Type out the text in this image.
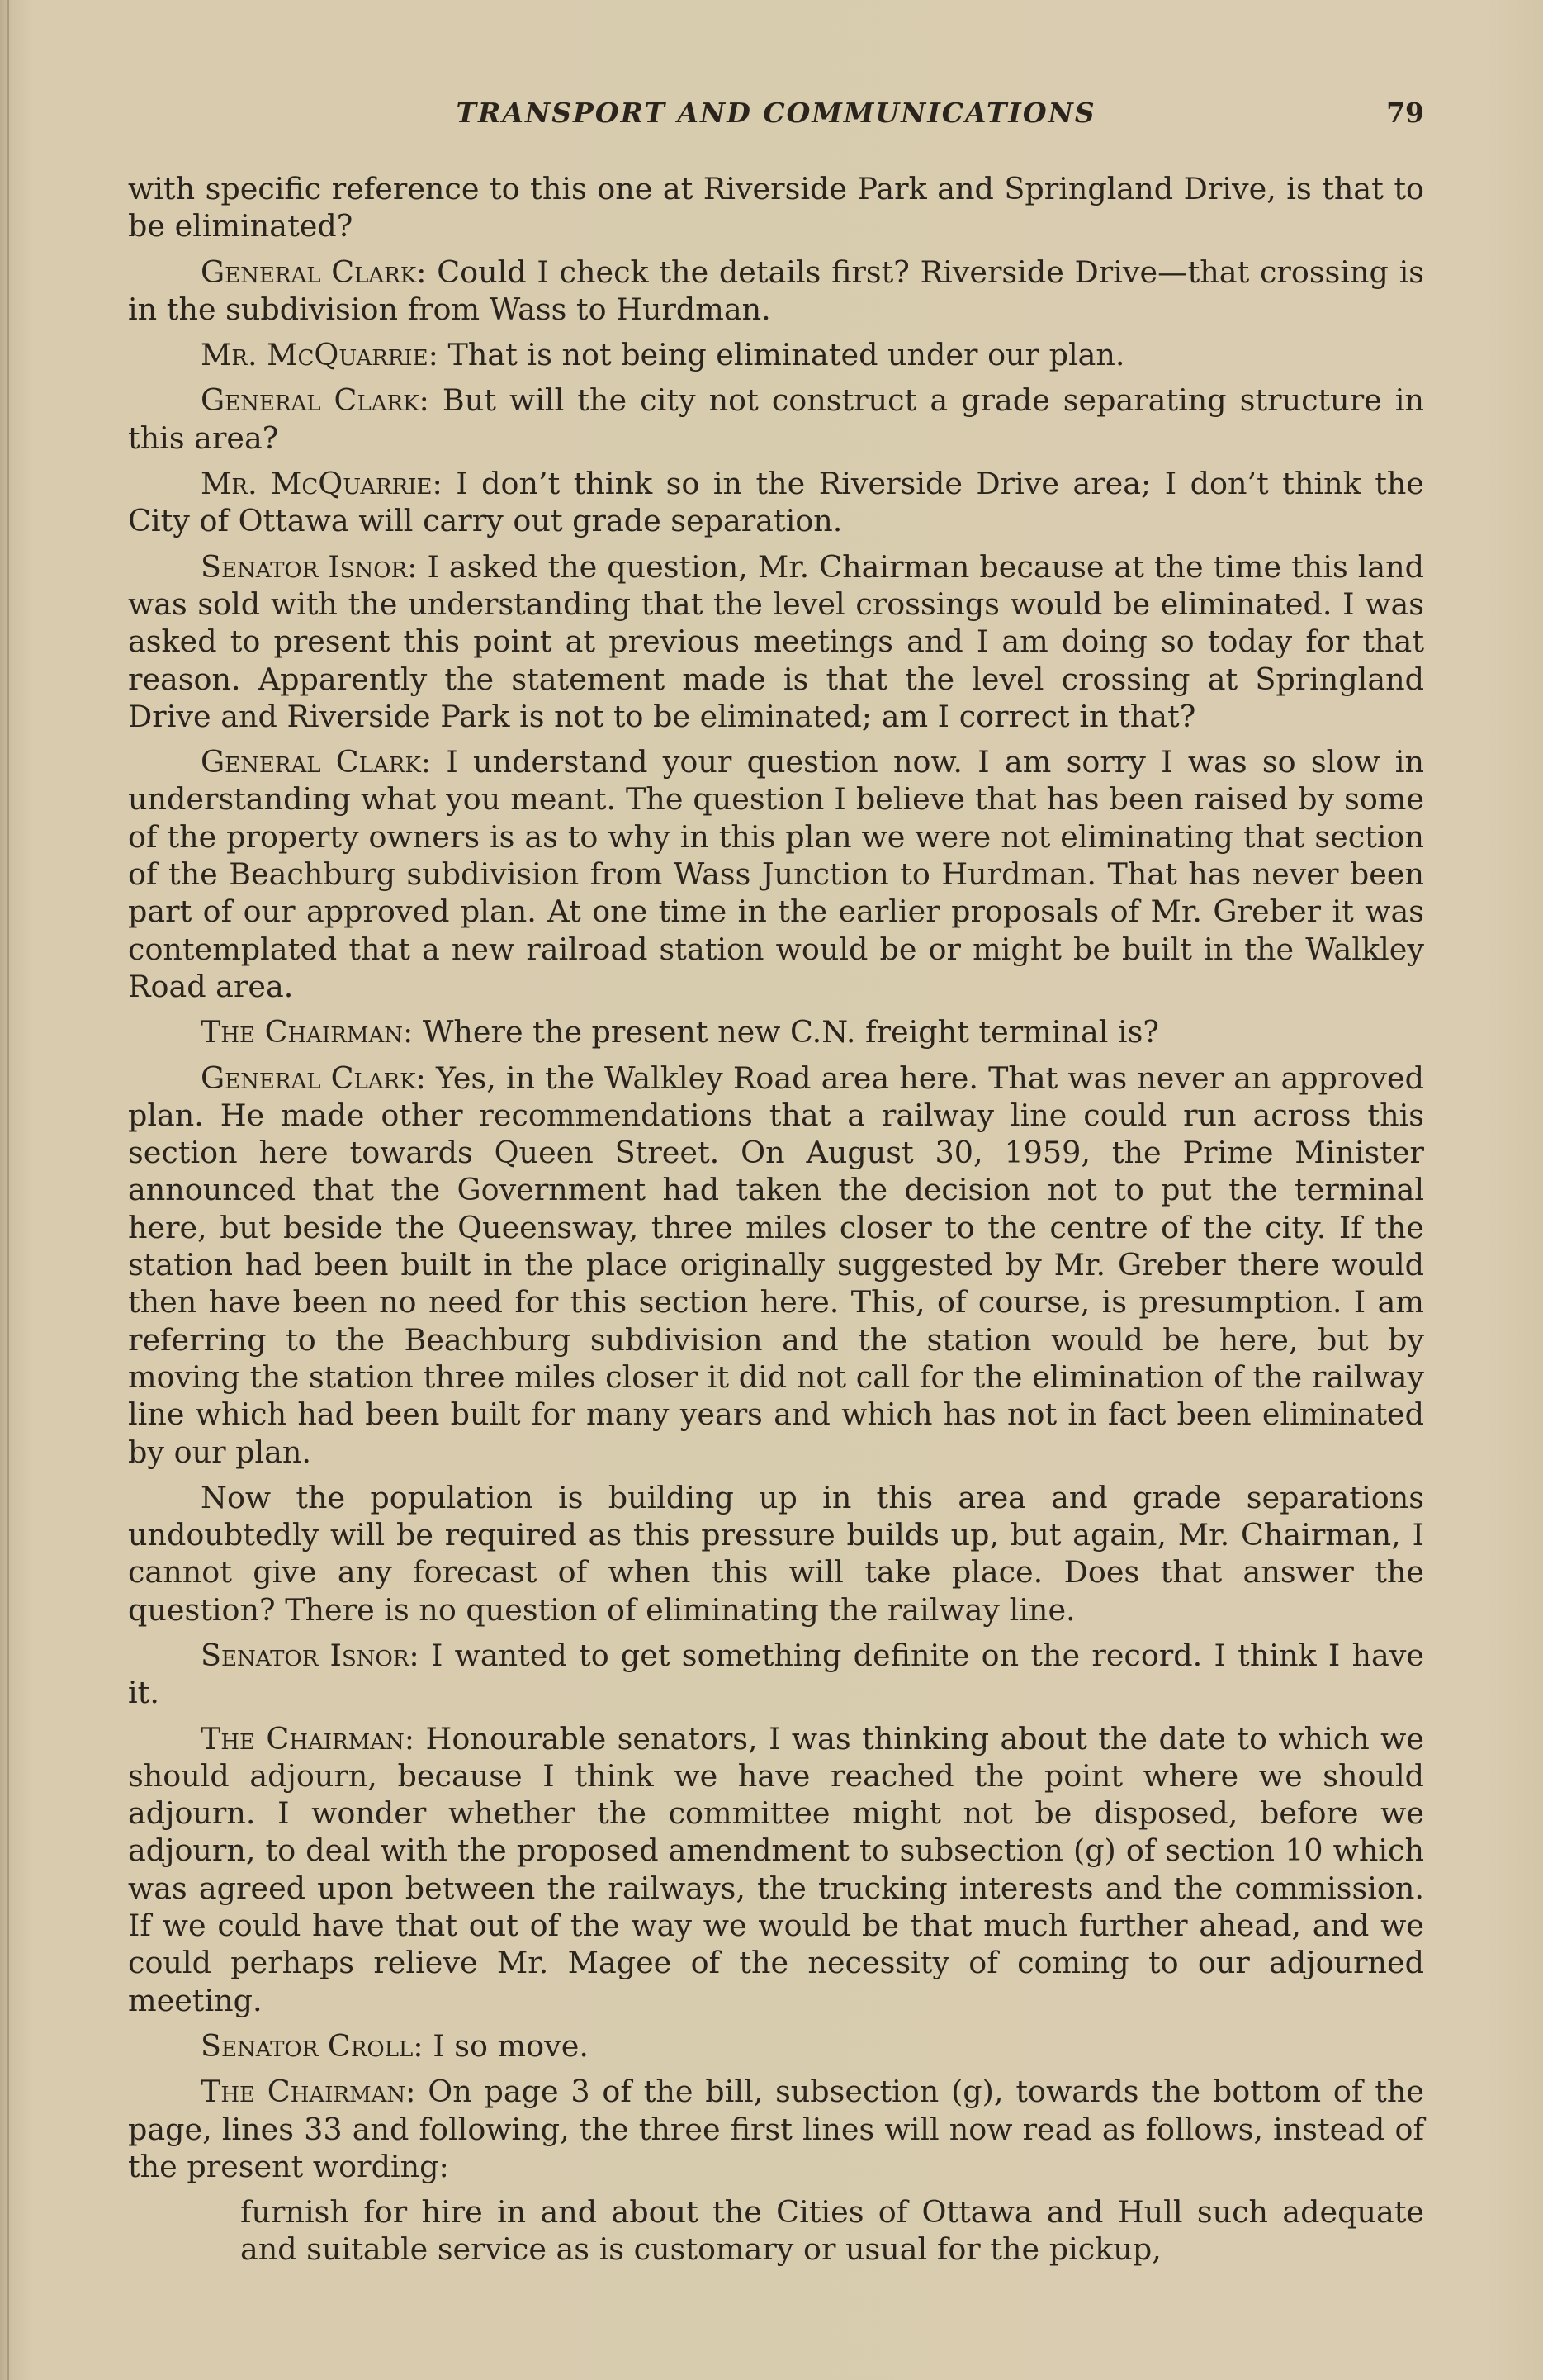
TRANSPORT AND COMMUNICATIONS	79

with specific reference to this one at Riverside Park and Springland Drive, is that to be eliminated?

General Clark: Could I check the details first? Riverside Drive—that crossing is in the subdivision from Wass to Hurdman.

Mr. McQuarrie: That is not being eliminated under our plan.

General Clark: But will the city not construct a grade separating structure in this area?

Mr. McQuarrie: I don’t think so in the Riverside Drive area; I don’t think the City of Ottawa will carry out grade separation.

Senator Isnor: I asked the question, Mr. Chairman because at the time this land was sold with the understanding that the level crossings would be eliminated. I was asked to present this point at previous meetings and I am doing so today for that reason. Apparently the statement made is that the level crossing at Springland Drive and Riverside Park is not to be eliminated; am I correct in that?

General Clark: I understand your question now. I am sorry I was so slow in understanding what you meant. The question I believe that has been raised by some of the property owners is as to why in this plan we were not eliminating that section of the Beachburg subdivision from Wass Junction to Hurdman. That has never been part of our approved plan. At one time in the earlier proposals of Mr. Greber it was contemplated that a new railroad station would be or might be built in the Walkley Road area.

The Chairman: Where the present new C.N. freight terminal is?

General Clark: Yes, in the Walkley Road area here. That was never an approved plan. He made other recommendations that a railway line could run across this section here towards Queen Street. On August 30, 1959, the Prime Minister announced that the Government had taken the decision not to put the terminal here, but beside the Queensway, three miles closer to the centre of the city. If the station had been built in the place originally suggested by Mr. Greber there would then have been no need for this section here. This, of course, is presumption. I am referring to the Beachburg subdivision and the station would be here, but by moving the station three miles closer it did not call for the elimination of the railway line which had been built for many years and which has not in fact been eliminated by our plan.

Now the population is building up in this area and grade separations undoubtedly will be required as this pressure builds up, but again, Mr. Chairman, I cannot give any forecast of when this will take place. Does that answer the question? There is no question of eliminating the railway line.

Senator Isnor: I wanted to get something definite on the record. I think I have it.

The Chairman: Honourable senators, I was thinking about the date to which we should adjourn, because I think we have reached the point where we should adjourn. I wonder whether the committee might not be disposed, before we adjourn, to deal with the proposed amendment to subsection (g) of section 10 which was agreed upon between the railways, the trucking interests and the commission. If we could have that out of the way we would be that much further ahead, and we could perhaps relieve Mr. Magee of the necessity of coming to our adjourned meeting.

Senator Croll: I so move.

The Chairman: On page 3 of the bill, subsection (g), towards the bottom of the page, lines 33 and following, the three first lines will now read as follows, instead of the present wording:

furnish for hire in and about the Cities of Ottawa and Hull such adequate and suitable service as is customary or usual for the pickup,
